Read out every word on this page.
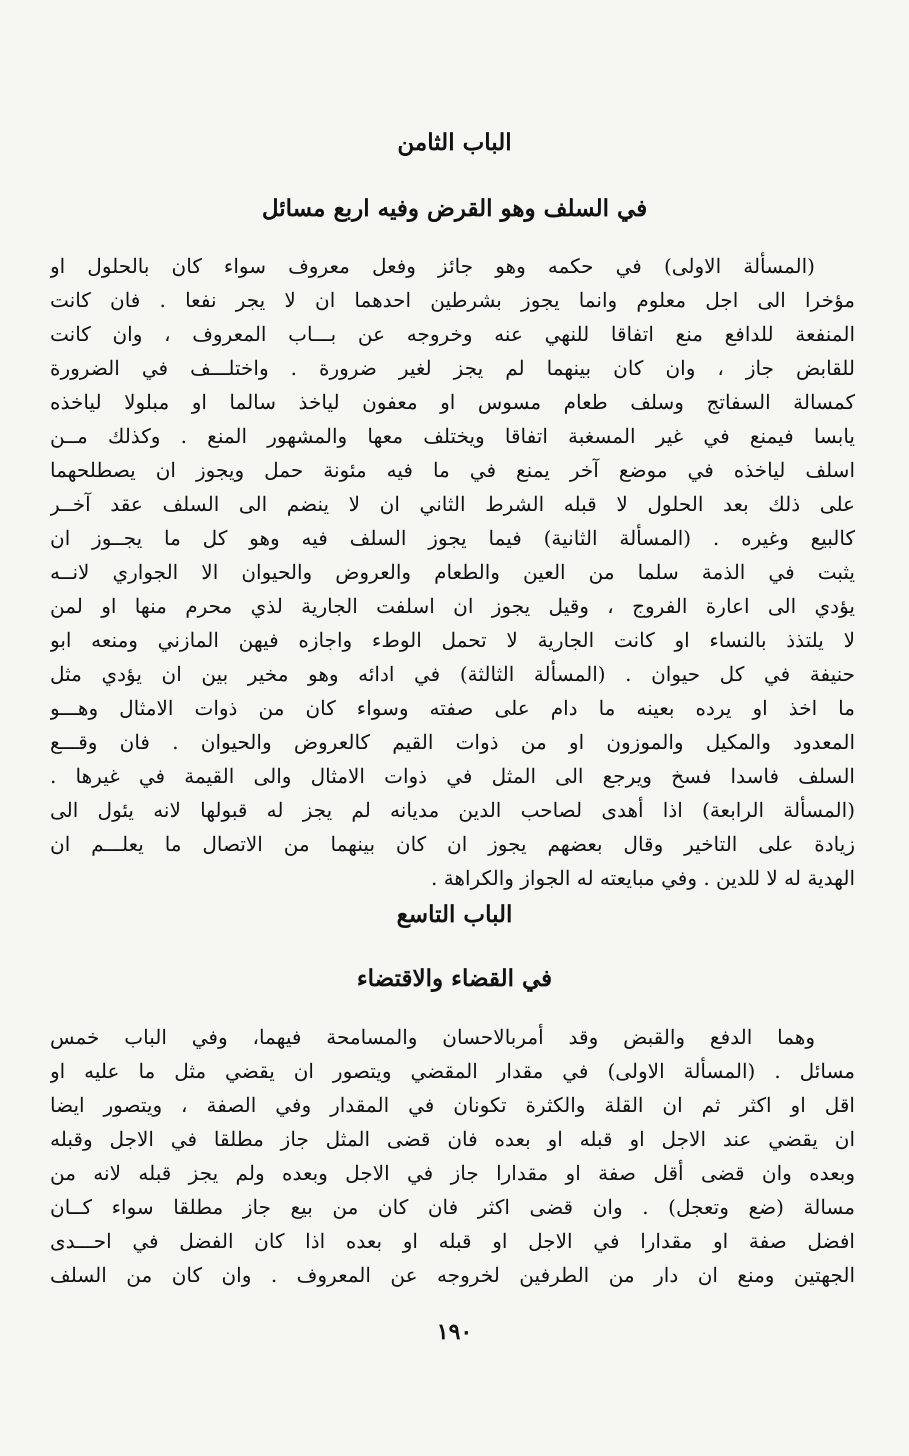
الباب الثامن
في السلف وهو القرض وفيه اربع مسائل
(المسألة الاولى) في حكمه وهو جائز وفعل معروف سواء كان بالحلول او
مؤخرا الى اجل معلوم وانما يجوز بشرطين احدهما ان لا يجر نفعا . فان كانت
المنفعة للدافع منع اتفاقا للنهي عنه وخروجه عن بـــاب المعروف ، وان كانت
للقابض جاز ، وان كان بينهما لم يجز لغير ضرورة . واختلـــف في الضرورة
كمسالة السفاتج وسلف طعام مسوس او معفون لياخذ سالما او مبلولا لياخذه
يابسا فيمنع في غير المسغبة اتفاقا ويختلف معها والمشهور المنع . وكذلك مــن
اسلف لياخذه في موضع آخر يمنع في ما فيه مئونة حمل ويجوز ان يصطلحهما
على ذلك بعد الحلول لا قبله الشرط الثاني ان لا ينضم الى السلف عقد آخــر
كالبيع وغيره . (المسألة الثانية) فيما يجوز السلف فيه وهو كل ما يجــوز ان
يثبت في الذمة سلما من العين والطعام والعروض والحيوان الا الجواري لانــه
يؤدي الى اعارة الفروج ، وقيل يجوز ان اسلفت الجارية لذي محرم منها او لمن
لا يلتذذ بالنساء او كانت الجارية لا تحمل الوطء واجازه فيهن المازني ومنعه ابو
حنيفة في كل حيوان . (المسألة الثالثة) في ادائه وهو مخير بين ان يؤدي مثل
ما اخذ او يرده بعينه ما دام على صفته وسواء كان من ذوات الامثال وهـــو
المعدود والمكيل والموزون او من ذوات القيم كالعروض والحيوان . فان وقـــع
السلف فاسدا فسخ ويرجع الى المثل في ذوات الامثال والى القيمة في غيرها .
(المسألة الرابعة) اذا أهدى لصاحب الدين مديانه لم يجز له قبولها لانه يئول الى
زيادة على التاخير وقال بعضهم يجوز ان كان بينهما من الاتصال ما يعلـــم ان
الهدية له لا للدين . وفي مبايعته له الجواز والكراهة .
الباب التاسع
في القضاء والاقتضاء
وهما الدفع والقبض وقد أمربالاحسان والمسامحة فيهما، وفي الباب خمس
مسائل . (المسألة الاولى) في مقدار المقضي ويتصور ان يقضي مثل ما عليه او
اقل او اكثر ثم ان القلة والكثرة تكونان في المقدار وفي الصفة ، ويتصور ايضا
ان يقضي عند الاجل او قبله او بعده فان قضى المثل جاز مطلقا في الاجل وقبله
وبعده وان قضى أقل صفة او مقدارا جاز في الاجل وبعده ولم يجز قبله لانه من
مسالة (ضع وتعجل) . وان قضى اكثر فان كان من بيع جاز مطلقا سواء كــان
افضل صفة او مقدارا في الاجل او قبله او بعده اذا كان الفضل في احـــدى
الجهتين ومنع ان دار من الطرفين لخروجه عن المعروف . وان كان من السلف
١٩٠
